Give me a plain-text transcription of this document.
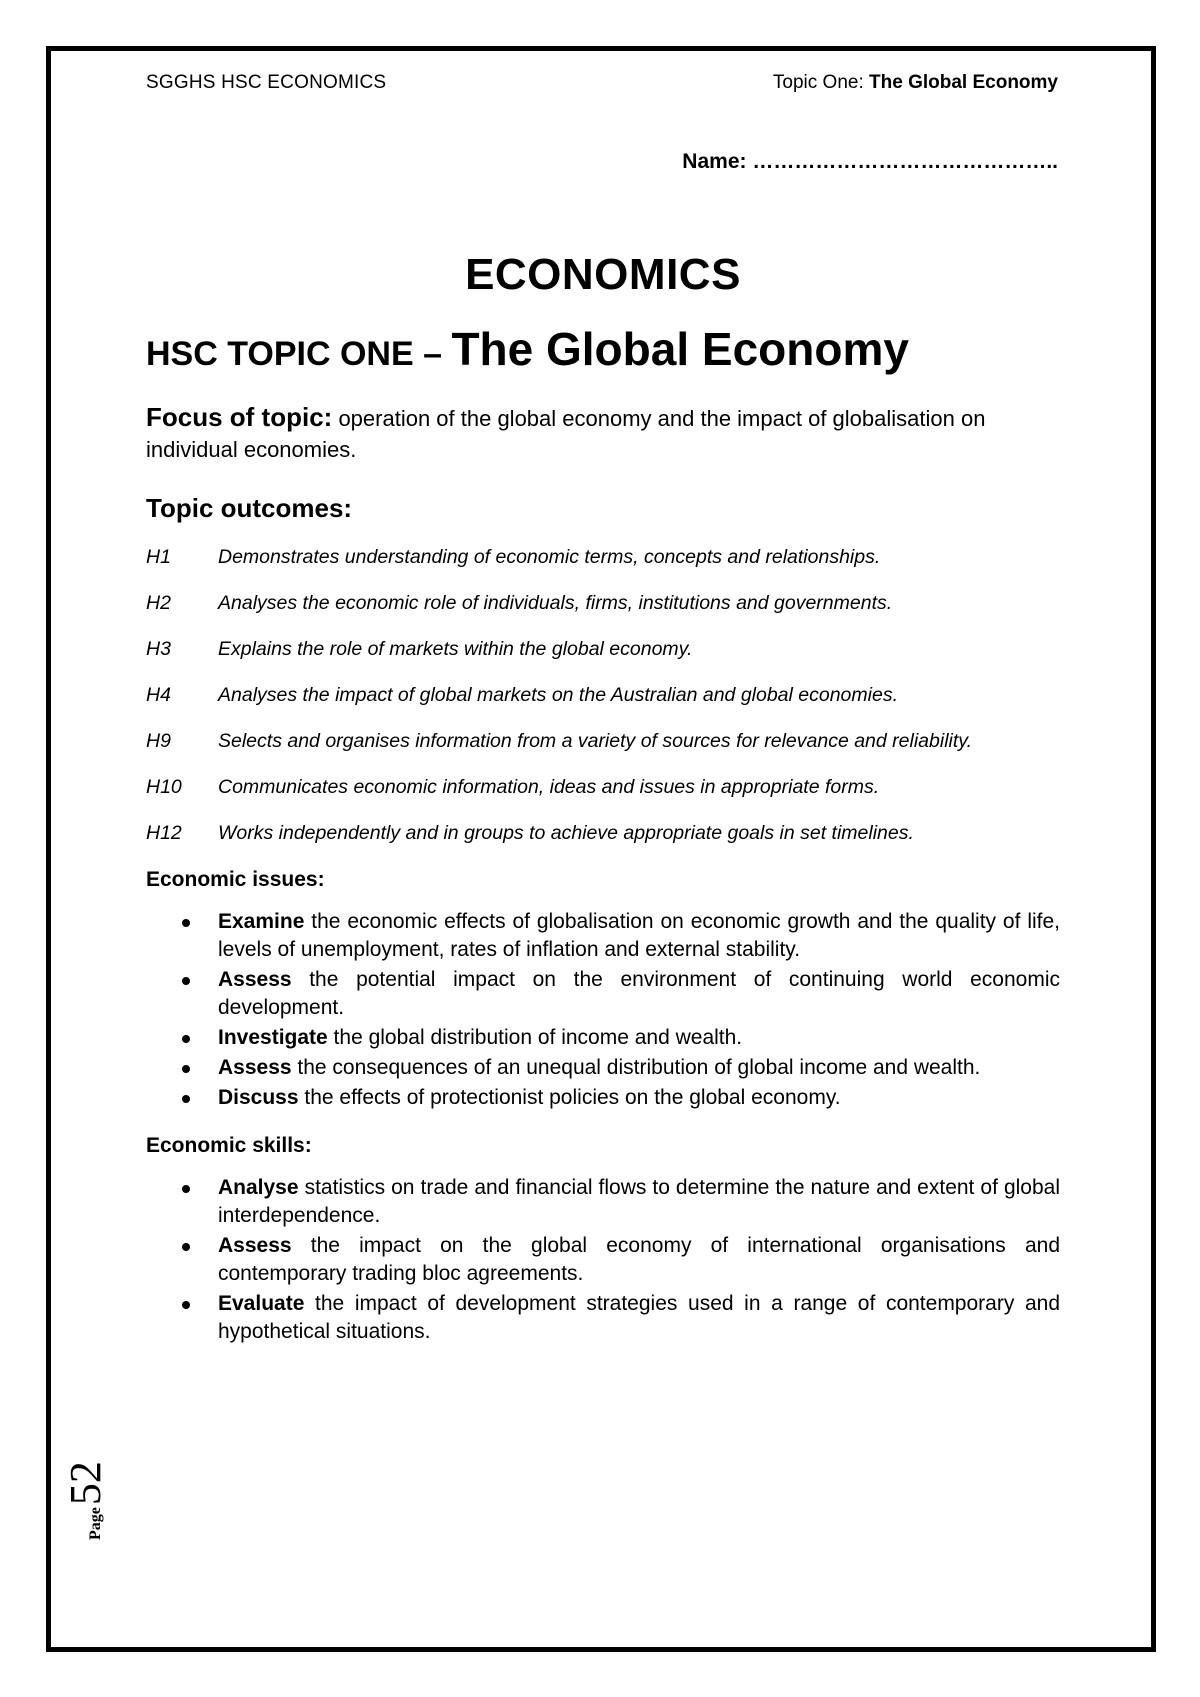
SGGHS HSC ECONOMICS	Topic One: The Global Economy
Name: ……………………………………..
ECONOMICS
HSC TOPIC ONE – The Global Economy
Focus of topic: operation of the global economy and the impact of globalisation on individual economies.
Topic outcomes:
H1	Demonstrates understanding of economic terms, concepts and relationships.
H2	Analyses the economic role of individuals, firms, institutions and governments.
H3	Explains the role of markets within the global economy.
H4	Analyses the impact of global markets on the Australian and global economies.
H9	Selects and organises information from a variety of sources for relevance and reliability.
H10	Communicates economic information, ideas and issues in appropriate forms.
H12	Works independently and in groups to achieve appropriate goals in set timelines.
Economic issues:
Examine the economic effects of globalisation on economic growth and the quality of life, levels of unemployment, rates of inflation and external stability.
Assess the potential impact on the environment of continuing world economic development.
Investigate the global distribution of income and wealth.
Assess the consequences of an unequal distribution of global income and wealth.
Discuss the effects of protectionist policies on the global economy.
Economic skills:
Analyse statistics on trade and financial flows to determine the nature and extent of global interdependence.
Assess the impact on the global economy of international organisations and contemporary trading bloc agreements.
Evaluate the impact of development strategies used in a range of contemporary and hypothetical situations.
Page
52
